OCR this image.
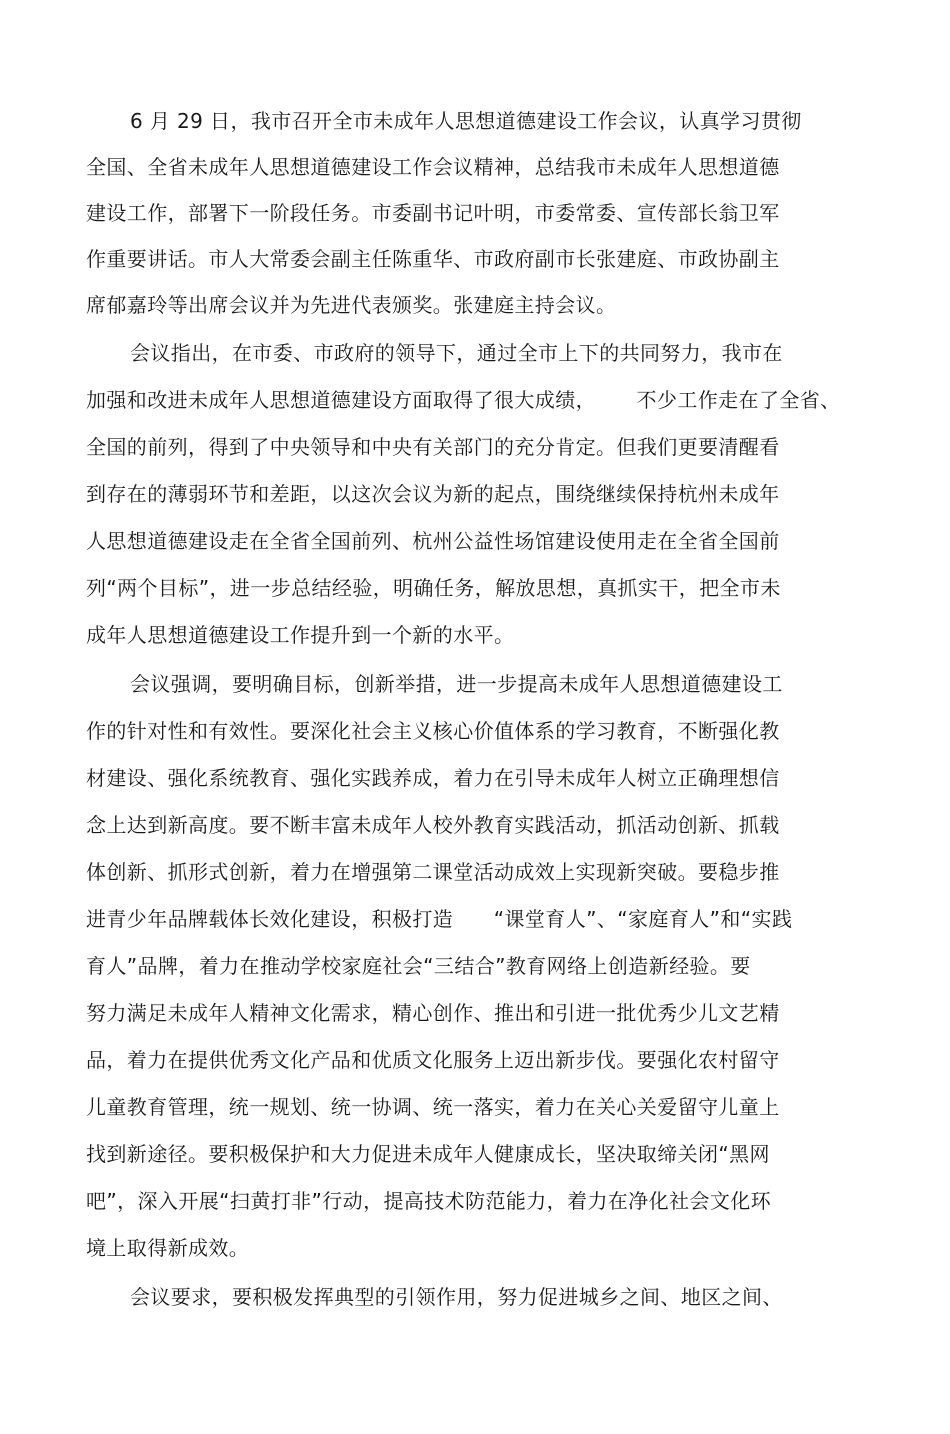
6 月 29 日，我市召开全市未成年人思想道德建设工作会议，认真学习贯彻
全国、全省未成年人思想道德建设工作会议精神，总结我市未成年人思想道德
建设工作，部署下一阶段任务。市委副书记叶明，市委常委、宣传部长翁卫军
作重要讲话。市人大常委会副主任陈重华、市政府副市长张建庭、市政协副主
席郁嘉玲等出席会议并为先进代表颁奖。张建庭主持会议。
会议指出，在市委、市政府的领导下，通过全市上下的共同努力，我市在
加强和改进未成年人思想道德建设方面取得了很大成绩，      不少工作走在了全省、
全国的前列，得到了中央领导和中央有关部门的充分肯定。但我们更要清醒看
到存在的薄弱环节和差距，以这次会议为新的起点，围绕继续保持杭州未成年
人思想道德建设走在全省全国前列、杭州公益性场馆建设使用走在全省全国前
列“两个目标”，进一步总结经验，明确任务，解放思想，真抓实干，把全市未
成年人思想道德建设工作提升到一个新的水平。
会议强调，要明确目标，创新举措，进一步提高未成年人思想道德建设工
作的针对性和有效性。要深化社会主义核心价值体系的学习教育，不断强化教
材建设、强化系统教育、强化实践养成，着力在引导未成年人树立正确理想信
念上达到新高度。要不断丰富未成年人校外教育实践活动，抓活动创新、抓载
体创新、抓形式创新，着力在增强第二课堂活动成效上实现新突破。要稳步推
进青少年品牌载体长效化建设，积极打造      “课堂育人”、“家庭育人”和“实践
育人”品牌，着力在推动学校家庭社会“三结合”教育网络上创造新经验。要
努力满足未成年人精神文化需求，精心创作、推出和引进一批优秀少儿文艺精
品，着力在提供优秀文化产品和优质文化服务上迈出新步伐。要强化农村留守
儿童教育管理，统一规划、统一协调、统一落实，着力在关心关爱留守儿童上
找到新途径。要积极保护和大力促进未成年人健康成长，坚决取缔关闭“黑网
吧”，深入开展“扫黄打非”行动，提高技术防范能力，着力在净化社会文化环
境上取得新成效。
会议要求，要积极发挥典型的引领作用，努力促进城乡之间、地区之间、
